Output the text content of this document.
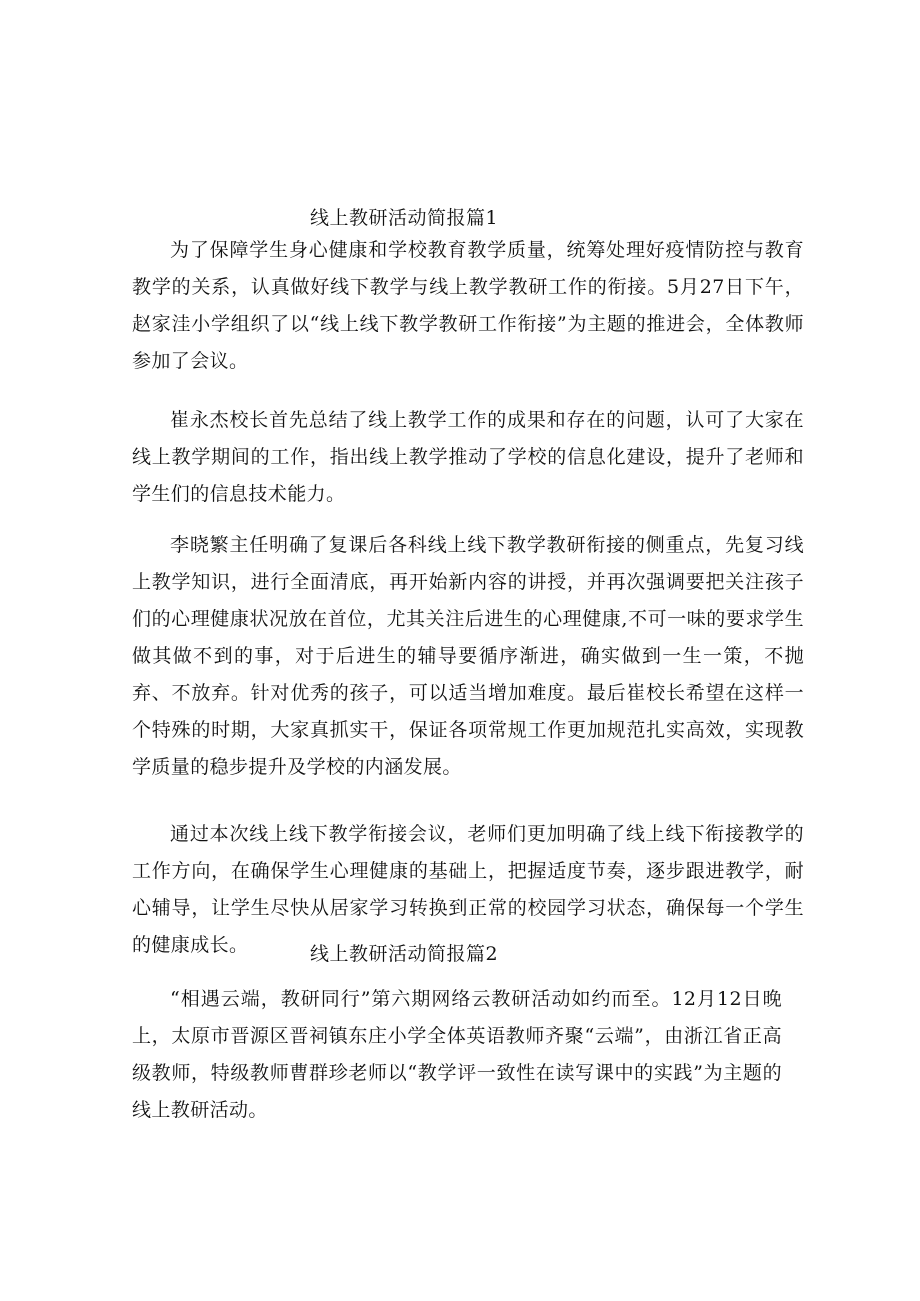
线上教研活动简报篇1

为了保障学生身心健康和学校教育教学质量，统筹处理好疫情防控与教育教学的关系，认真做好线下教学与线上教学教研工作的衔接。5月27日下午，赵家洼小学组织了以“线上线下教学教研工作衔接”为主题的推进会，全体教师参加了会议。

崔永杰校长首先总结了线上教学工作的成果和存在的问题，认可了大家在线上教学期间的工作，指出线上教学推动了学校的信息化建设，提升了老师和学生们的信息技术能力。

李晓繁主任明确了复课后各科线上线下教学教研衔接的侧重点，先复习线上教学知识，进行全面清底，再开始新内容的讲授，并再次强调要把关注孩子们的心理健康状况放在首位，尤其关注后进生的心理健康,不可一味的要求学生做其做不到的事，对于后进生的辅导要循序渐进，确实做到一生一策，不抛弃、不放弃。针对优秀的孩子，可以适当增加难度。最后崔校长希望在这样一个特殊的时期，大家真抓实干，保证各项常规工作更加规范扎实高效，实现教学质量的稳步提升及学校的内涵发展。

通过本次线上线下教学衔接会议，老师们更加明确了线上线下衔接教学的工作方向，在确保学生心理健康的基础上，把握适度节奏，逐步跟进教学，耐心辅导，让学生尽快从居家学习转换到正常的校园学习状态，确保每一个学生的健康成长。	线上教研活动简报篇2

“相遇云端，教研同行”第六期网络云教研活动如约而至。12月12日晚上，太原市晋源区晋祠镇东庄小学全体英语教师齐聚“云端”，由浙江省正高级教师，特级教师曹群珍老师以“教学评一致性在读写课中的实践”为主题的线上教研活动。
